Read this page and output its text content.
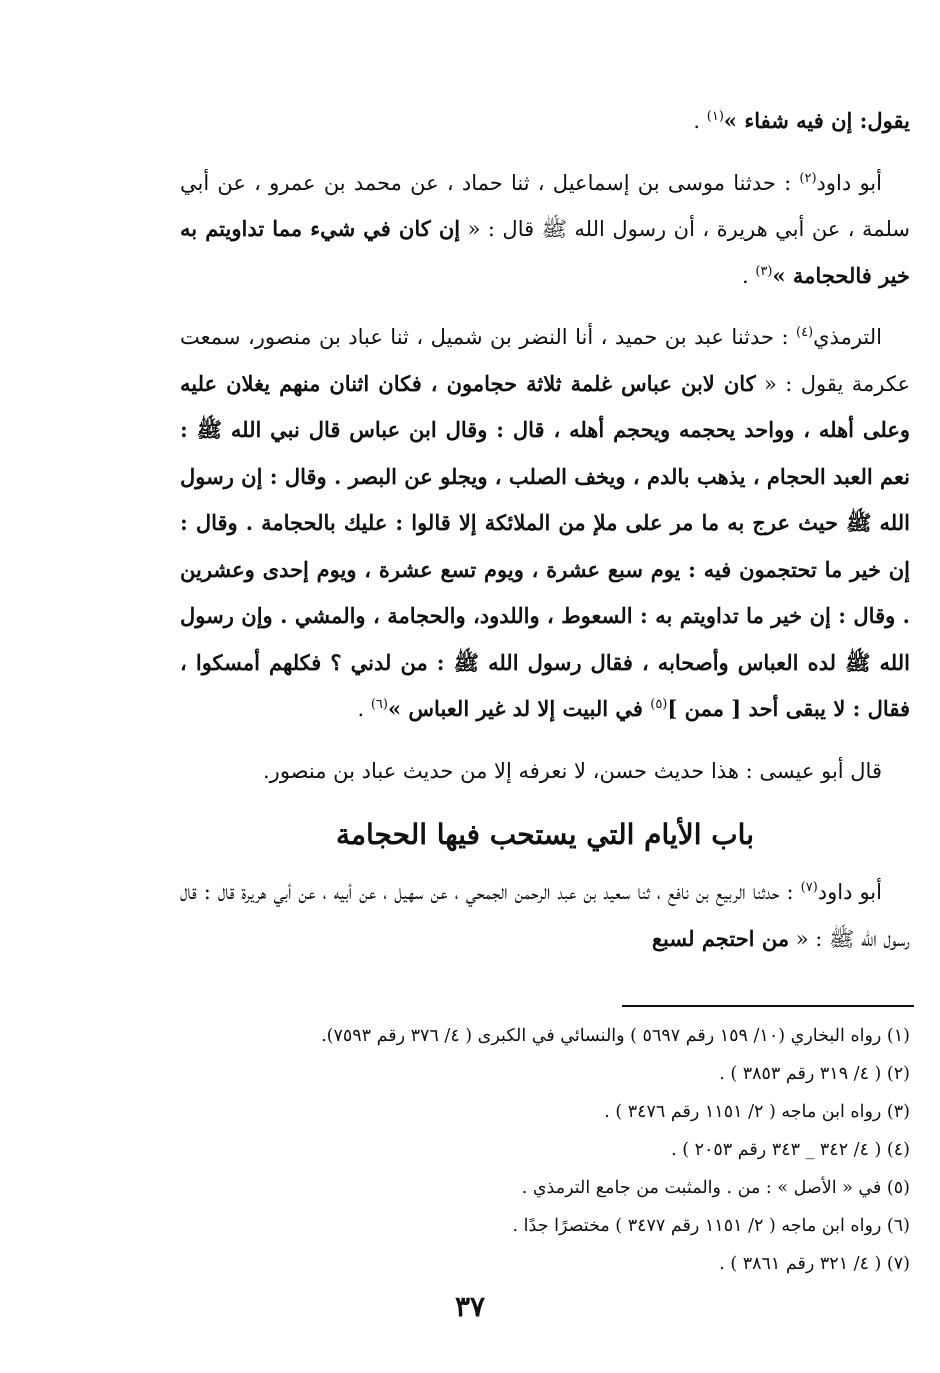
يقول: إن فيه شفاء »$^{(١)}$ .

أبو داود$^{(٢)}$ : حدثنا موسى بن إسماعيل ، ثنا حماد ، عن محمد بن عمرو ، عن أبي سلمة ، عن أبي هريرة ، أن رسول الله ﷺ قال : « إن كان في شيء مما تداويتم به خير فالحجامة »$^{(٣)}$ .

الترمذي$^{(٤)}$ : حدثنا عبد بن حميد ، أنا النضر بن شميل ، ثنا عباد بن منصور، سمعت عكرمة يقول : « كان لابن عباس غلمة ثلاثة حجامون ، فكان اثنان منهم يغلان عليه وعلى أهله ، وواحد يحجمه ويحجم أهله ، قال : وقال ابن عباس قال نبي الله ﷺ : نعم العبد الحجام ، يذهب بالدم ، ويخف الصلب ، ويجلو عن البصر . وقال : إن رسول الله ﷺ حيث عرج به ما مر على ملإ من الملائكة إلا قالوا : عليك بالحجامة . وقال : إن خير ما تحتجمون فيه : يوم سبع عشرة ، ويوم تسع عشرة ، ويوم إحدى وعشرين . وقال : إن خير ما تداويتم به : السعوط ، واللدود، والحجامة ، والمشي . وإن رسول الله ﷺ لده العباس وأصحابه ، فقال رسول الله ﷺ : من لدني ؟ فكلهم أمسكوا ، فقال : لا يبقى أحد [ ممن ]$^{(٥)}$ في البيت إلا لد غير العباس »$^{(٦)}$ .

قال أبو عيسى : هذا حديث حسن، لا نعرفه إلا من حديث عباد بن منصور.

باب الأيام التي يستحب فيها الحجامة

أبو داود$^{(٧)}$ : حدثنا الربيع بن نافع ، ثنا سعيد بن عبد الرحمن الجمحي ، عن سهيل ، عن أبيه ، عن أبي هريرة قال : قال رسول الله ﷺ : « من احتجم لسبع

(١) رواه البخاري (١٠/ ١٥٩ رقم ٥٦٩٧ ) والنسائي في الكبرى ( ٤/ ٣٧٦ رقم ٧٥٩٣).
(٢) ( ٤/ ٣١٩ رقم ٣٨٥٣ ) .
(٣) رواه ابن ماجه ( ٢/ ١١٥١ رقم ٣٤٧٦ ) .
(٤) ( ٤/ ٣٤٢ _ ٣٤٣ رقم ٢٠٥٣ ) .
(٥) في « الأصل » : من . والمثبت من جامع الترمذي .
(٦) رواه ابن ماجه ( ٢/ ١١٥١ رقم ٣٤٧٧ ) مختصرًا جدًا .
(٧) ( ٤/ ٣٢١ رقم ٣٨٦١ ) .
٣٧
